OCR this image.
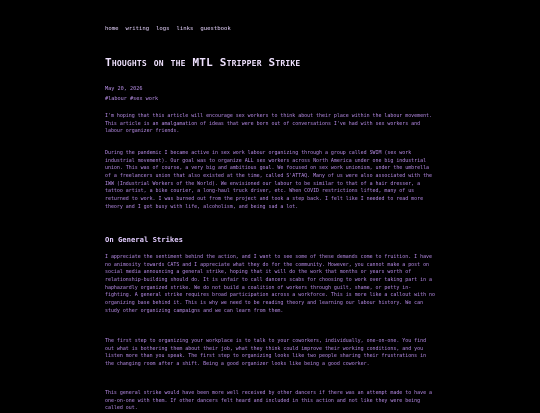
home writing logs links guestbook
Thoughts on the MTL Stripper Strike
May 20, 2026
#labour #sex work

I'm hoping that this article will encourage sex workers to think about their place within the labour movement. This article is an amalgamation of ideas that were born out of conversations I've had with sex workers and labour organizer friends.

During the pandemic I became active in sex work labour organizing through a group called SWIM (sex work industrial movement). Our goal was to organize ALL sex workers across North America under one big industrial union. This was of course, a very big and ambitious goal. We focused on sex work unionism, under the umbrella of a freelancers union that also existed at the time, called S'ATTAQ. Many of us were also associated with the IWW (Industrial Workers of the World). We envisioned our labour to be similar to that of a hair dresser, a tattoo artist, a bike courier, a long-haul truck driver, etc. When COVID restrictions lifted, many of us returned to work. I was burned out from the project and took a step back. I felt like I needed to read more theory and I got busy with life, alcoholism, and being sad a lot.

On General Strikes

I appreciate the sentiment behind the action, and I want to see some of these demands come to fruition. I have no animosity towards CATS and I appreciate what they do for the community. However, you cannot make a post on social media announcing a general strike, hoping that it will do the work that months or years worth of relationship-building should do. It is unfair to call dancers scabs for choosing to work over taking part in a haphazardly organized strike. We do not build a coalition of workers through guilt, shame, or petty in-fighting. A general strike requires broad participation across a workforce. This is more like a callout with no organizing base behind it. This is why we need to be reading theory and learning our labour history. We can study other organizing campaigns and we can learn from them.

The first step to organizing your workplace is to talk to your coworkers, individually, one-on-one. You find out what is bothering them about their job, what they think could improve their working conditions, and you listen more than you speak. The first step to organizing looks like two people sharing their frustrations in the changing room after a shift. Being a good organizer looks like being a good coworker.

This general strike would have been more well received by other dancers if there was an attempt made to have a one-on-one with them. If other dancers felt heard and included in this action and not like they were being called out.
